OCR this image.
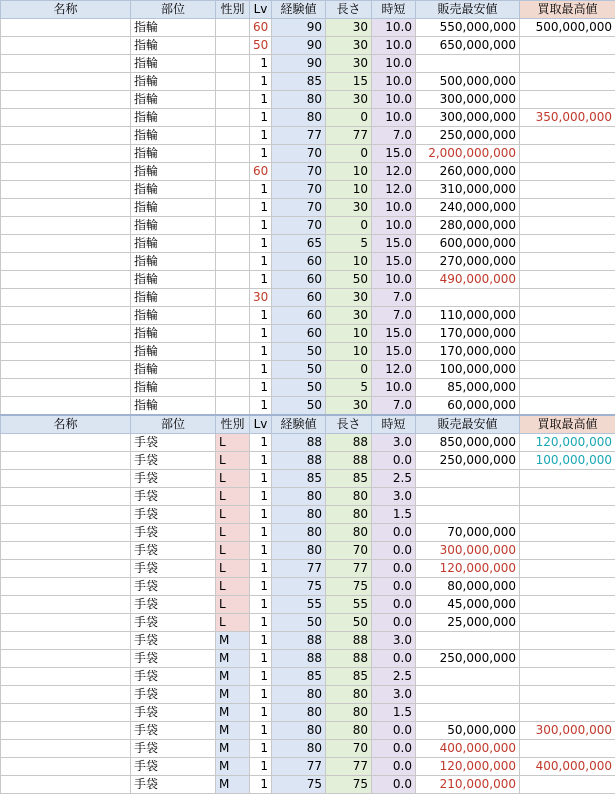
名称	部位	性別	Lv	経験値	長さ	時短	販売最安値	買取最高値
	指輪		60	90	30	10.0	550,000,000	500,000,000
	指輪		50	90	30	10.0	650,000,000	
	指輪		1	90	30	10.0		
	指輪		1	85	15	10.0	500,000,000	
	指輪		1	80	30	10.0	300,000,000	
	指輪		1	80	0	10.0	300,000,000	350,000,000
	指輪		1	77	77	7.0	250,000,000	
	指輪		1	70	0	15.0	2,000,000,000	
	指輪		60	70	10	12.0	260,000,000	
	指輪		1	70	10	12.0	310,000,000	
	指輪		1	70	30	10.0	240,000,000	
	指輪		1	70	0	10.0	280,000,000	
	指輪		1	65	5	15.0	600,000,000	
	指輪		1	60	10	15.0	270,000,000	
	指輪		1	60	50	10.0	490,000,000	
	指輪		30	60	30	7.0		
	指輪		1	60	30	7.0	110,000,000	
	指輪		1	60	10	15.0	170,000,000	
	指輪		1	50	10	15.0	170,000,000	
	指輪		1	50	0	12.0	100,000,000	
	指輪		1	50	5	10.0	85,000,000	
	指輪		1	50	30	7.0	60,000,000	
名称	部位	性別	Lv	経験値	長さ	時短	販売最安値	買取最高値
	手袋	L	1	88	88	3.0	850,000,000	120,000,000
	手袋	L	1	88	88	0.0	250,000,000	100,000,000
	手袋	L	1	85	85	2.5		
	手袋	L	1	80	80	3.0		
	手袋	L	1	80	80	1.5		
	手袋	L	1	80	80	0.0	70,000,000	
	手袋	L	1	80	70	0.0	300,000,000	
	手袋	L	1	77	77	0.0	120,000,000	
	手袋	L	1	75	75	0.0	80,000,000	
	手袋	L	1	55	55	0.0	45,000,000	
	手袋	L	1	50	50	0.0	25,000,000	
	手袋	M	1	88	88	3.0		
	手袋	M	1	88	88	0.0	250,000,000	
	手袋	M	1	85	85	2.5		
	手袋	M	1	80	80	3.0		
	手袋	M	1	80	80	1.5		
	手袋	M	1	80	80	0.0	50,000,000	300,000,000
	手袋	M	1	80	70	0.0	400,000,000	
	手袋	M	1	77	77	0.0	120,000,000	400,000,000
	手袋	M	1	75	75	0.0	210,000,000	
